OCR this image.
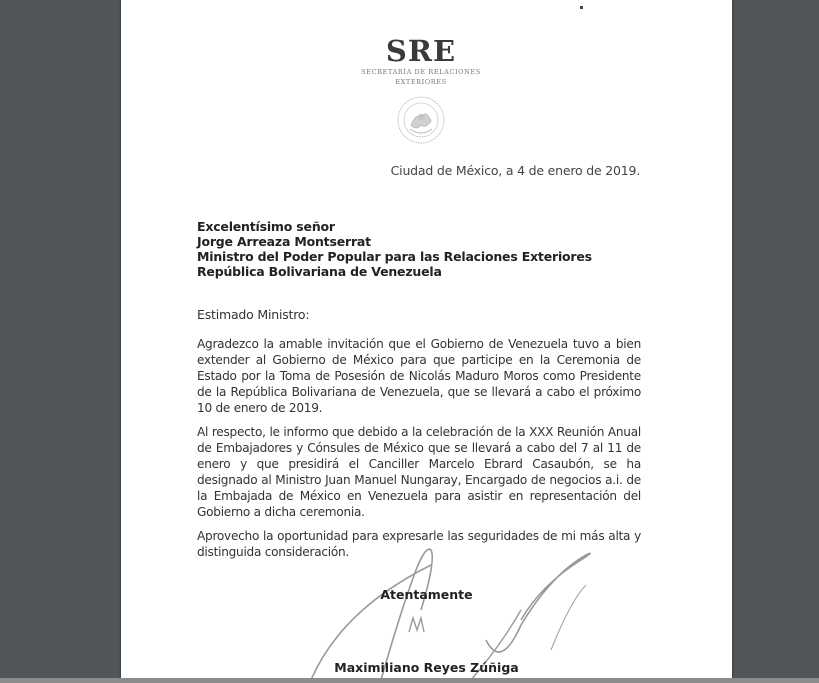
SRE
SECRETARÍA DE RELACIONES
EXTERIORES
Ciudad de México, a 4 de enero de 2019.
Excelentísimo señor
Jorge Arreaza Montserrat
Ministro del Poder Popular para las Relaciones Exteriores
República Bolivariana de Venezuela
Estimado Ministro:
Agradezco la amable invitación que el Gobierno de Venezuela tuvo a bien extender al Gobierno de México para que participe en la Ceremonia de Estado por la Toma de Posesión de Nicolás Maduro Moros como Presidente de la República Bolivariana de Venezuela, que se llevará a cabo el próximo 10 de enero de 2019.
Al respecto, le informo que debido a la celebración de la XXX Reunión Anual de Embajadores y Cónsules de México que se llevará a cabo del 7 al 11 de enero y que presidirá el Canciller Marcelo Ebrard Casaubón, se ha designado al Ministro Juan Manuel Nungaray, Encargado de negocios a.i. de la Embajada de México en Venezuela para asistir en representación del Gobierno a dicha ceremonia.
Aprovecho la oportunidad para expresarle las seguridades de mi más alta y distinguida consideración.
Atentamente
Maximiliano Reyes Zúñiga
